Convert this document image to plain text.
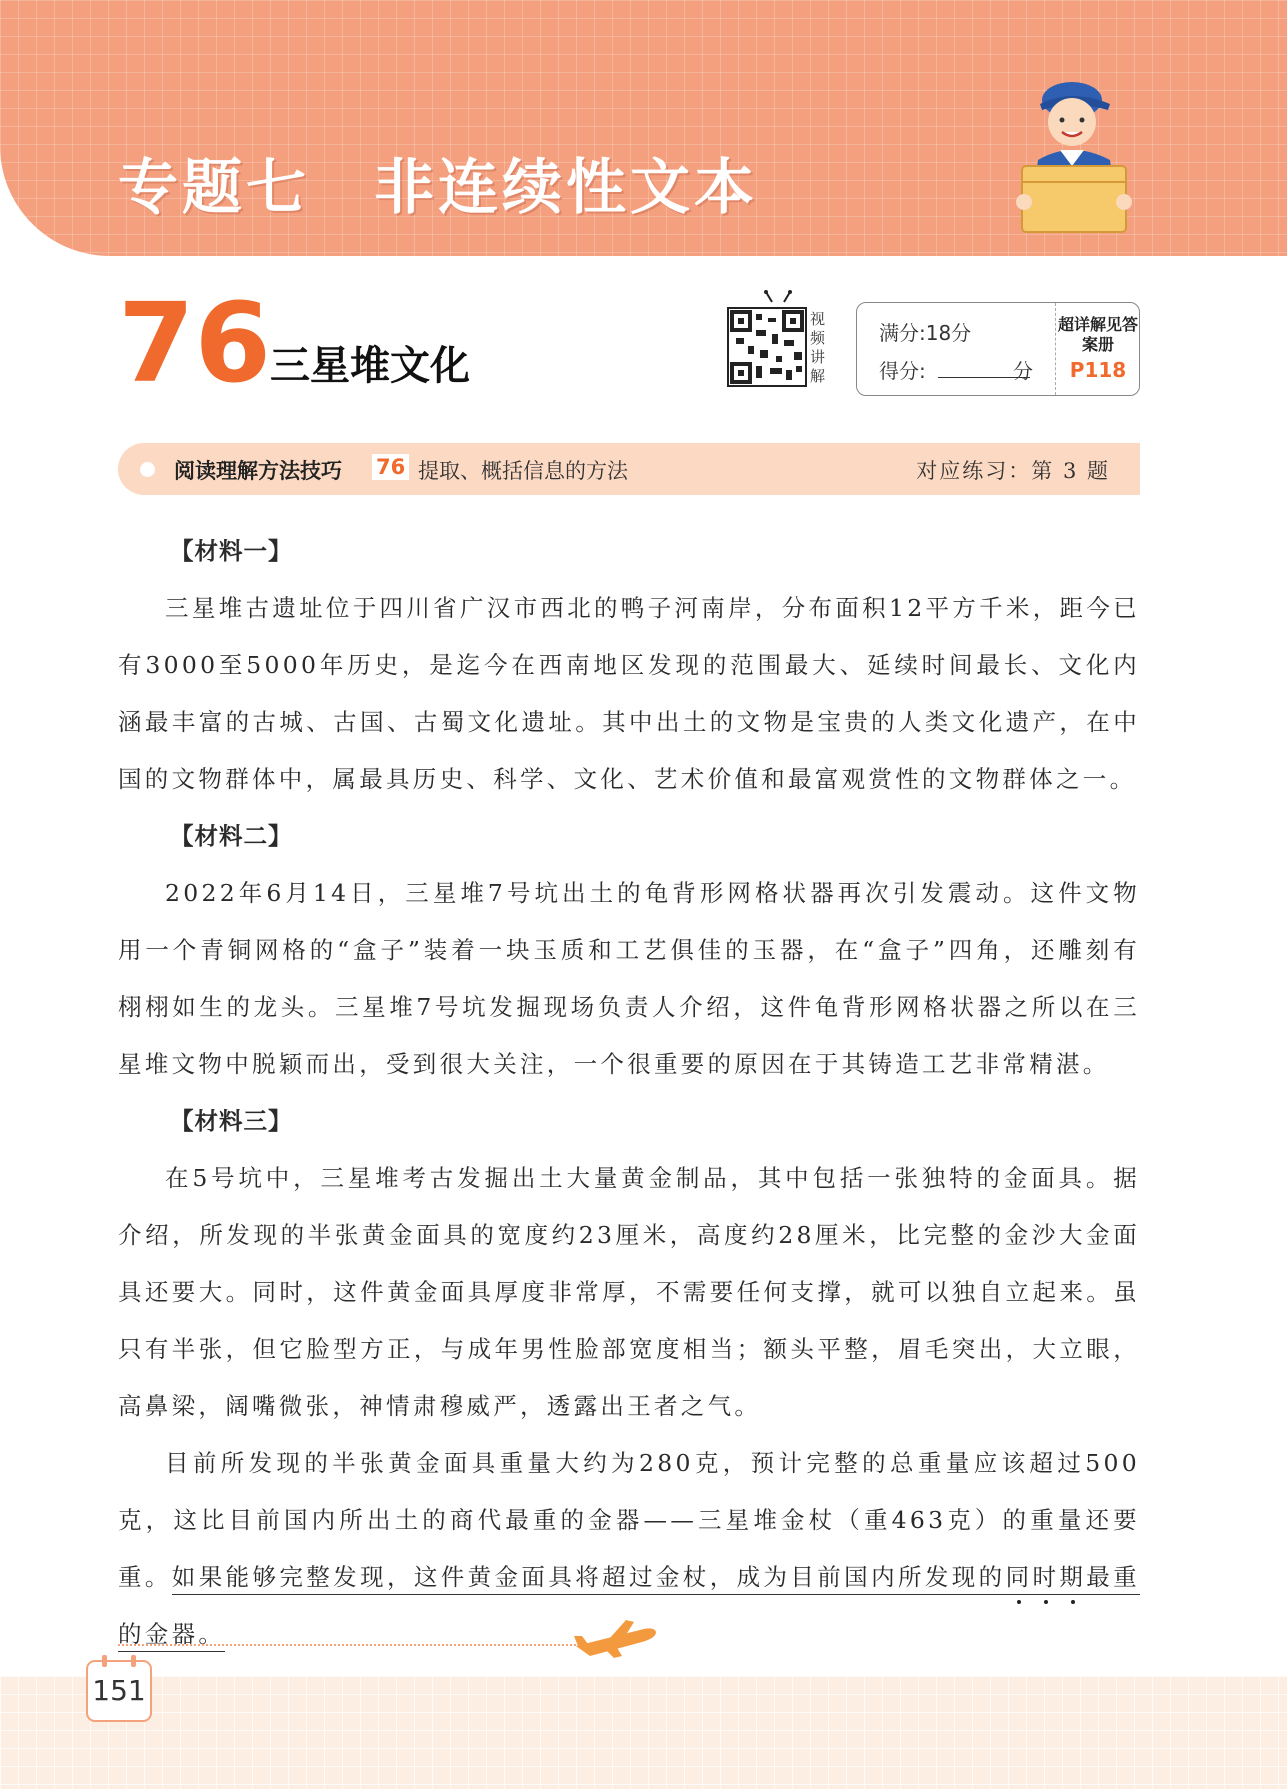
专题七　非连续性文本
76
三星堆文化
视频讲解
满分:18分
得分:	分
超详解见答案册
P118
阅读理解方法技巧 76 提取、概括信息的方法	对应练习：第 3 题

【材料一】

三星堆古遗址位于四川省广汉市西北的鸭子河南岸，分布面积12平方千米，距今已有3000至5000年历史，是迄今在西南地区发现的范围最大、延续时间最长、文化内涵最丰富的古城、古国、古蜀文化遗址。其中出土的文物是宝贵的人类文化遗产，在中国的文物群体中，属最具历史、科学、文化、艺术价值和最富观赏性的文物群体之一。

【材料二】

2022年6月14日，三星堆7号坑出土的龟背形网格状器再次引发震动。这件文物用一个青铜网格的“盒子”装着一块玉质和工艺俱佳的玉器，在“盒子”四角，还雕刻有栩栩如生的龙头。三星堆7号坑发掘现场负责人介绍，这件龟背形网格状器之所以在三星堆文物中脱颖而出，受到很大关注，一个很重要的原因在于其铸造工艺非常精湛。

【材料三】

在5号坑中，三星堆考古发掘出土大量黄金制品，其中包括一张独特的金面具。据介绍，所发现的半张黄金面具的宽度约23厘米，高度约28厘米，比完整的金沙大金面具还要大。同时，这件黄金面具厚度非常厚，不需要任何支撑，就可以独自立起来。虽只有半张，但它脸型方正，与成年男性脸部宽度相当；额头平整，眉毛突出，大立眼，高鼻梁，阔嘴微张，神情肃穆威严，透露出王者之气。

目前所发现的半张黄金面具重量大约为280克，预计完整的总重量应该超过500克，这比目前国内所出土的商代最重的金器——三星堆金杖（重463克）的重量还要重。如果能够完整发现，这件黄金面具将超过金杖，成为目前国内所发现的同时期最重的金器。

151
